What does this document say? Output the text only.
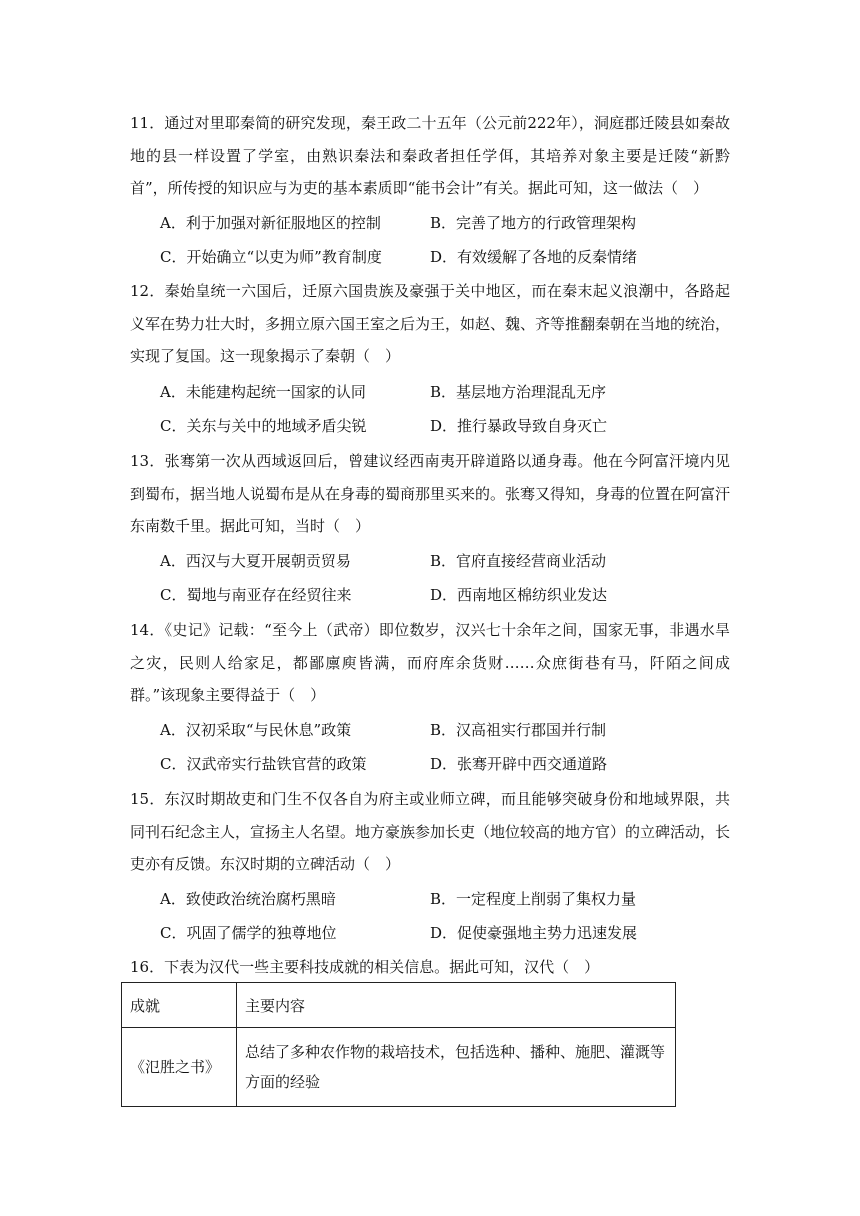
11．通过对里耶秦简的研究发现，秦王政二十五年（公元前222年），洞庭郡迁陵县如秦故地的县一样设置了学室，由熟识秦法和秦政者担任学佴，其培养对象主要是迁陵“新黔首”，所传授的知识应与为吏的基本素质即“能书会计”有关。据此可知，这一做法（　）

A．利于加强对新征服地区的控制	B．完善了地方的行政管理架构
C．开始确立“以吏为师”教育制度	D．有效缓解了各地的反秦情绪

12．秦始皇统一六国后，迁原六国贵族及豪强于关中地区，而在秦末起义浪潮中，各路起义军在势力壮大时，多拥立原六国王室之后为王，如赵、魏、齐等推翻秦朝在当地的统治，实现了复国。这一现象揭示了秦朝（　）

A．未能建构起统一国家的认同	B．基层地方治理混乱无序
C．关东与关中的地域矛盾尖锐	D．推行暴政导致自身灭亡

13．张骞第一次从西域返回后，曾建议经西南夷开辟道路以通身毒。他在今阿富汗境内见到蜀布，据当地人说蜀布是从在身毒的蜀商那里买来的。张骞又得知，身毒的位置在阿富汗东南数千里。据此可知，当时（　）

A．西汉与大夏开展朝贡贸易	B．官府直接经营商业活动
C．蜀地与南亚存在经贸往来	D．西南地区棉纺织业发达

14．《史记》记载：“至今上（武帝）即位数岁，汉兴七十余年之间，国家无事，非遇水旱之灾，民则人给家足，都鄙廪庾皆满，而府库余货财……众庶街巷有马，阡陌之间成群。”该现象主要得益于（　）

A．汉初采取“与民休息”政策	B．汉高祖实行郡国并行制
C．汉武帝实行盐铁官营的政策	D．张骞开辟中西交通道路

15．东汉时期故吏和门生不仅各自为府主或业师立碑，而且能够突破身份和地域界限，共同刊石纪念主人，宣扬主人名望。地方豪族参加长吏（地位较高的地方官）的立碑活动，长吏亦有反馈。东汉时期的立碑活动（　）

A．致使政治统治腐朽黑暗	B．一定程度上削弱了集权力量
C．巩固了儒学的独尊地位	D．促使豪强地主势力迅速发展

16．下表为汉代一些主要科技成就的相关信息。据此可知，汉代（　）

成就	主要内容
《氾胜之书》	总结了多种农作物的栽培技术，包括选种、播种、施肥、灌溉等方面的经验
